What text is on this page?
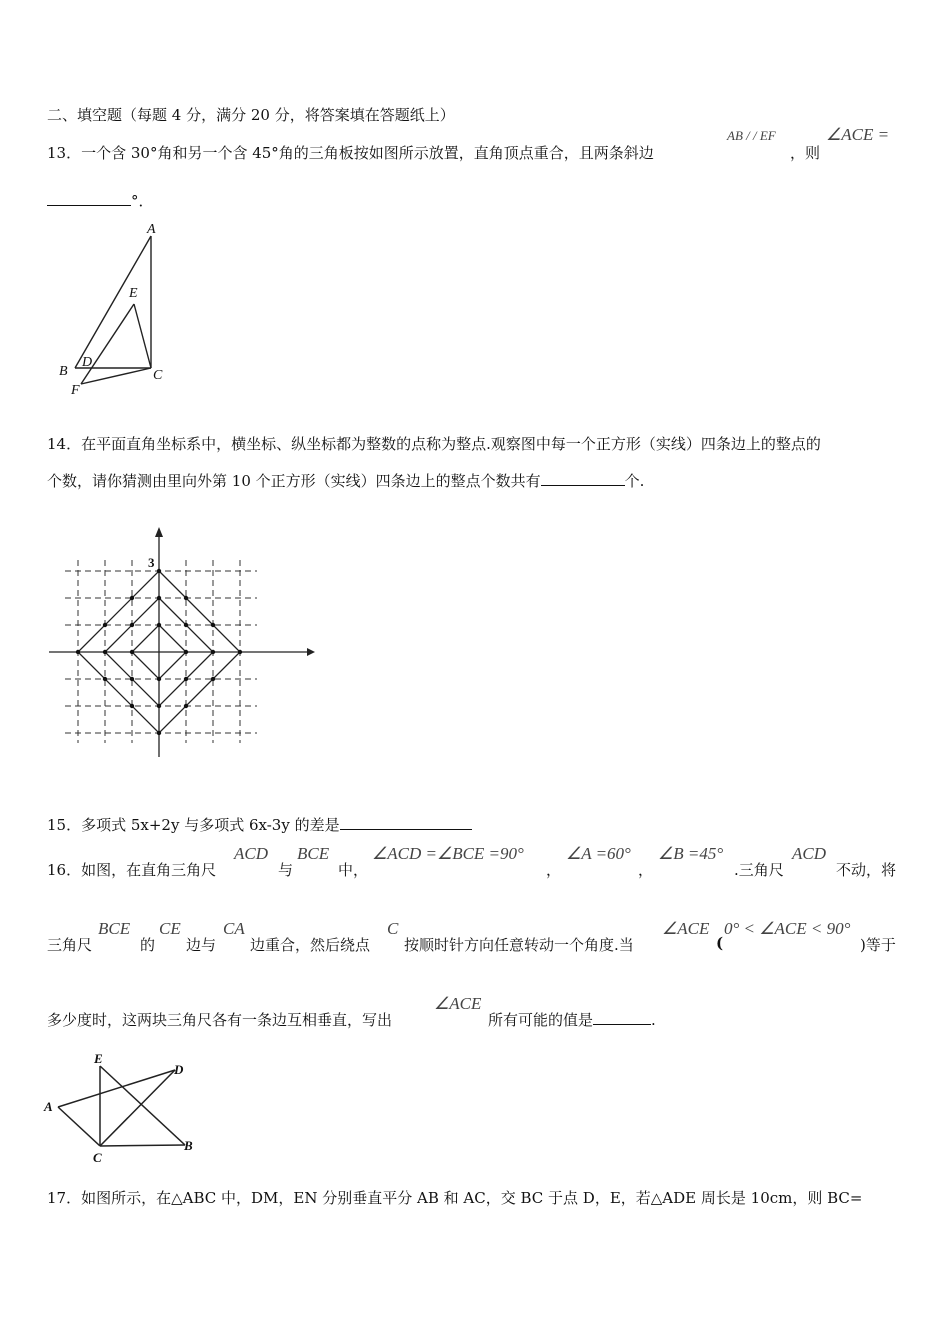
二、填空题（每题 4 分，满分 20 分，将答案填在答题纸上）
13．一个含 30°角和另一个含 45°角的三角板按如图所示放置，直角顶点重合，且两条斜边
AB / / EF
，则
∠ACE =
°．
A
E
B
D
C
F
14．在平面直角坐标系中，横坐标、纵坐标都为整数的点称为整点.观察图中每一个正方形（实线）四条边上的整点的
个数，请你猜测由里向外第 10 个正方形（实线）四条边上的整点个数共有	个.
3
15．多项式 5x+2y 与多项式 6x-3y 的差是
16．如图，在直角三角尺
ACD
与
BCE
中，
∠ACD =∠BCE =90°
，
∠A =60°
，
∠B =45°
.三角尺
ACD
不动，将
三角尺
BCE
的
CE
边与
CA
边重合，然后绕点
C
按顺时针方向任意转动一个角度.当
∠ACE
(
0° < ∠ACE < 90°
)等于
多少度时，这两块三角尺各有一条边互相垂直，写出
∠ACE
所有可能的值是	.
E
D
A
C
B
17．如图所示，在△ABC 中，DM，EN 分别垂直平分 AB 和 AC，交 BC 于点 D，E，若△ADE 周长是 10cm，则 BC=
